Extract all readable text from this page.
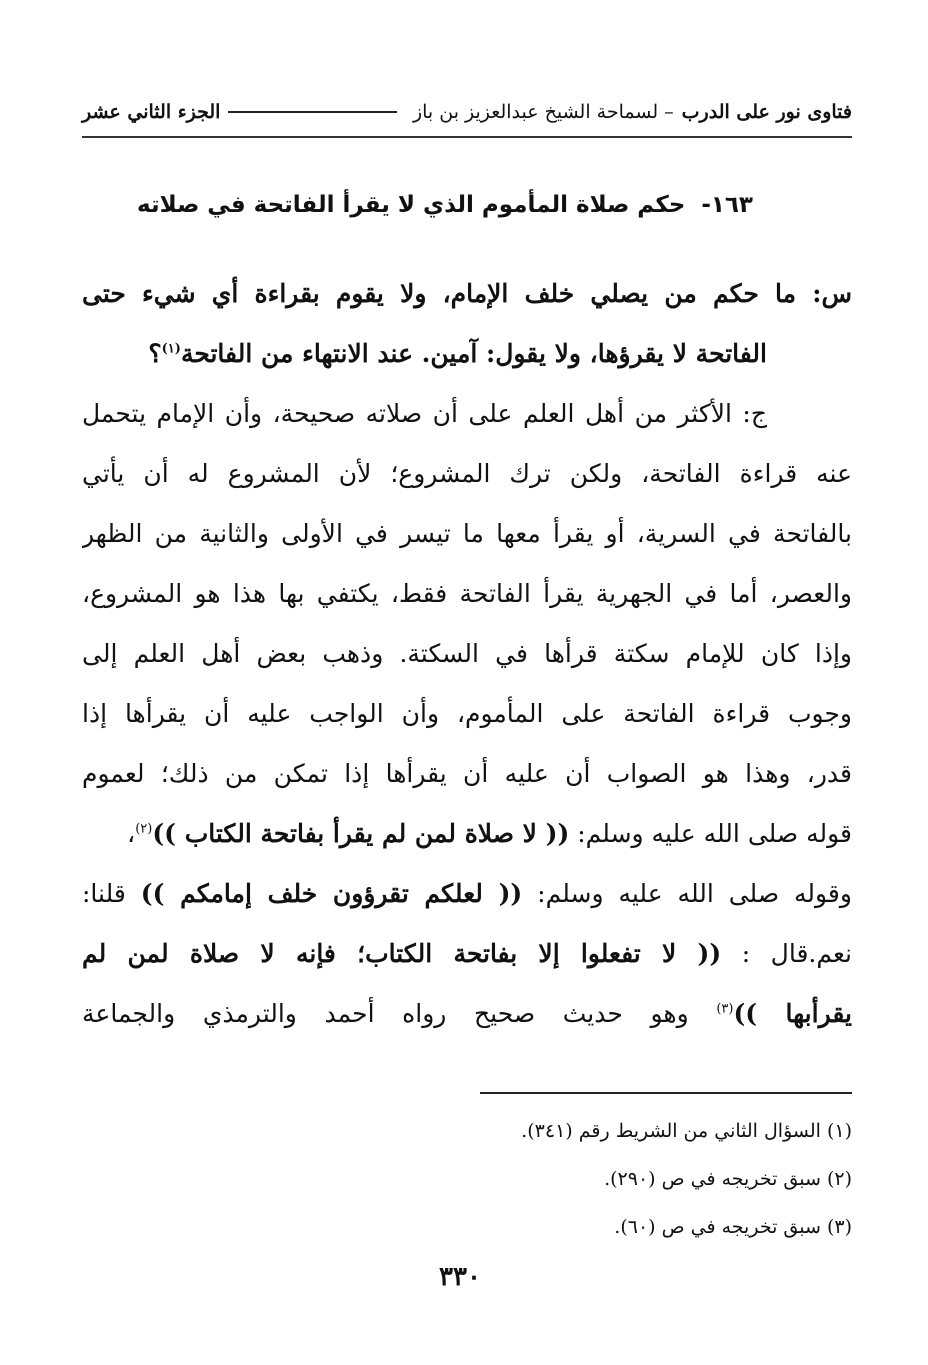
فتاوى نور على الدرب
– لسماحة الشيخ عبدالعزيز بن باز
الجزء الثاني عشر
١٦٣- حكم صلاة المأموم الذي لا يقرأ الفاتحة في صلاته
س: ما حكم من يصلي خلف الإمام، ولا يقوم بقراءة أي شيء حتى
الفاتحة لا يقرؤها، ولا يقول: آمين. عند الانتهاء من الفاتحة$^{(١)}$؟
ج: الأكثر من أهل العلم على أن صلاته صحيحة، وأن الإمام يتحمل
عنه قراءة الفاتحة، ولكن ترك المشروع؛ لأن المشروع له أن يأتي
بالفاتحة في السرية، أو يقرأ معها ما تيسر في الأولى والثانية من الظهر
والعصر، أما في الجهرية يقرأ الفاتحة فقط، يكتفي بها هذا هو المشروع،
وإذا كان للإمام سكتة قرأها في السكتة. وذهب بعض أهل العلم إلى
وجوب قراءة الفاتحة على المأموم، وأن الواجب عليه أن يقرأها إذا
قدر، وهذا هو الصواب أن عليه أن يقرأها إذا تمكن من ذلك؛ لعموم
قوله صلى الله عليه وسلم: (( لا صلاة لمن لم يقرأ بفاتحة الكتاب ))$^{(٢)}$،
وقوله صلى الله عليه وسلم: (( لعلكم تقرؤون خلف إمامكم )) قلنا:
نعم.قال : (( لا تفعلوا إلا بفاتحة الكتاب؛ فإنه لا صلاة لمن لم
يقرأبها ))$^{(٣)}$ وهو حديث صحيح رواه أحمد والترمذي والجماعة
(١) السؤال الثاني من الشريط رقم (٣٤١).
(٢) سبق تخريجه في ص (٢٩٠).
(٣) سبق تخريجه في ص (٦٠).
٣٣٠
